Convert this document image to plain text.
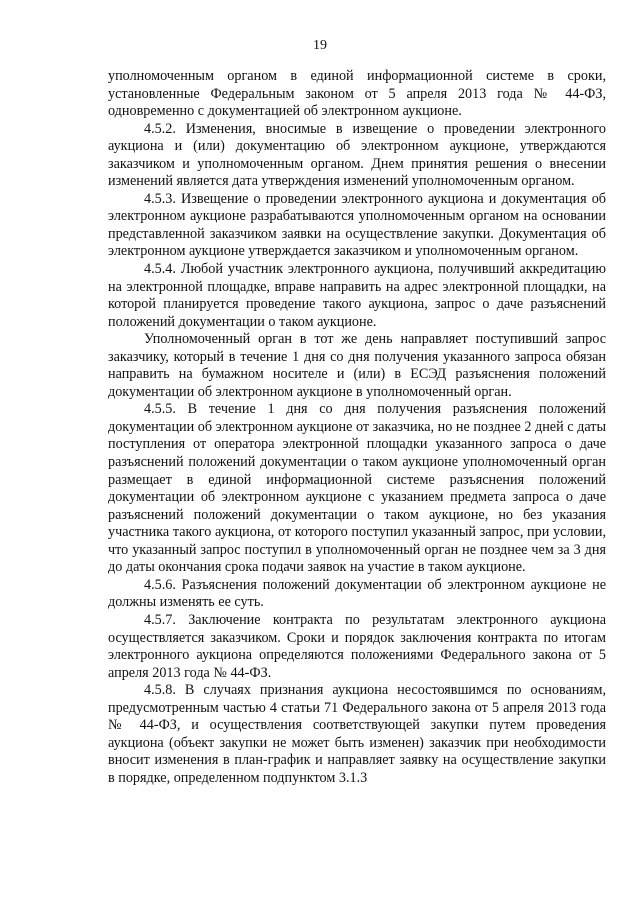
19

уполномоченным органом в единой информационной системе в сроки, установленные Федеральным законом от 5 апреля 2013 года № 44-ФЗ, одновременно с документацией об электронном аукционе.

4.5.2. Изменения, вносимые в извещение о проведении электронного аукциона и (или) документацию об электронном аукционе, утверждаются заказчиком и уполномоченным органом. Днем принятия решения о внесении изменений является дата утверждения изменений уполномоченным органом.

4.5.3. Извещение о проведении электронного аукциона и документация об электронном аукционе разрабатываются уполномоченным органом на основании представленной заказчиком заявки на осуществление закупки. Документация об электронном аукционе утверждается заказчиком и уполномоченным органом.

4.5.4. Любой участник электронного аукциона, получивший аккредитацию на электронной площадке, вправе направить на адрес электронной площадки, на которой планируется проведение такого аукциона, запрос о даче разъяснений положений документации о таком аукционе.

Уполномоченный орган в тот же день направляет поступивший запрос заказчику, который в течение 1 дня со дня получения указанного запроса обязан направить на бумажном носителе и (или) в ЕСЭД разъяснения положений документации об электронном аукционе в уполномоченный орган.

4.5.5. В течение 1 дня со дня получения разъяснения положений документации об электронном аукционе от заказчика, но не позднее 2 дней с даты поступления от оператора электронной площадки указанного запроса о даче разъяснений положений документации о таком аукционе уполномоченный орган размещает в единой информационной системе разъяснения положений документации об электронном аукционе с указанием предмета запроса о даче разъяснений положений документации о таком аукционе, но без указания участника такого аукциона, от которого поступил указанный запрос, при условии, что указанный запрос поступил в уполномоченный орган не позднее чем за 3 дня до даты окончания срока подачи заявок на участие в таком аукционе.

4.5.6. Разъяснения положений документации об электронном аукционе не должны изменять ее суть.

4.5.7. Заключение контракта по результатам электронного аукциона осуществляется заказчиком. Сроки и порядок заключения контракта по итогам электронного аукциона определяются положениями Федерального закона от 5 апреля 2013 года № 44-ФЗ.

4.5.8. В случаях признания аукциона несостоявшимся по основаниям, предусмотренным частью 4 статьи 71 Федерального закона от 5 апреля 2013 года № 44-ФЗ, и осуществления соответствующей закупки путем проведения аукциона (объект закупки не может быть изменен) заказчик при необходимости вносит изменения в план-график и направляет заявку на осуществление закупки в порядке, определенном подпунктом 3.1.3
